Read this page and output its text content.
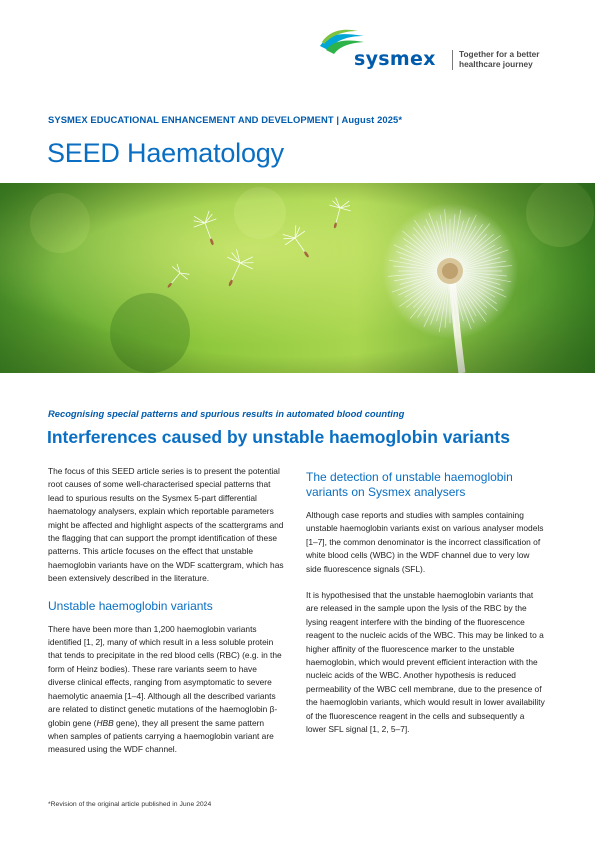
sysmex	Together for a better
healthcare journey
SYSMEX EDUCATIONAL ENHANCEMENT AND DEVELOPMENT | August 2025*
SEED Haematology
Recognising special patterns and spurious results in automated blood counting
Interferences caused by unstable haemoglobin variants

The focus of this SEED article series is to present the potential root causes of some well-characterised special patterns that lead to spurious results on the Sysmex 5-part differential haematology analysers, explain which reportable parameters might be affected and highlight aspects of the scattergrams and the flagging that can support the prompt identification of these patterns. This article focuses on the effect that unstable haemoglobin variants have on the WDF scattergram, which has been extensively described in the literature.

Unstable haemoglobin variants

There have been more than 1,200 haemoglobin variants identified [1, 2], many of which result in a less soluble protein that tends to precipitate in the red blood cells (RBC) (e.g. in the form of Heinz bodies). These rare variants seem to have diverse clinical effects, ranging from asymptomatic to severe haemolytic anaemia [1–4]. Although all the described variants are related to distinct genetic mutations of the haemoglobin β-globin gene (HBB gene), they all present the same pattern when samples of patients carrying a haemoglobin variant are measured using the WDF channel.

The detection of unstable haemoglobin variants on Sysmex analysers

Although case reports and studies with samples containing unstable haemoglobin variants exist on various analyser models [1–7], the common denominator is the incorrect classification of white blood cells (WBC) in the WDF channel due to very low side fluorescence signals (SFL).

It is hypothesised that the unstable haemoglobin variants that are released in the sample upon the lysis of the RBC by the lysing reagent interfere with the binding of the fluorescence reagent to the nucleic acids of the WBC. This may be linked to a higher affinity of the fluorescence marker to the unstable haemoglobin, which would prevent efficient interaction with the nucleic acids of the WBC. Another hypothesis is reduced permeability of the WBC cell membrane, due to the presence of the haemoglobin variants, which would result in lower availability of the fluorescence reagent in the cells and subsequently a lower SFL signal [1, 2, 5–7].

*Revision of the original article published in June 2024
